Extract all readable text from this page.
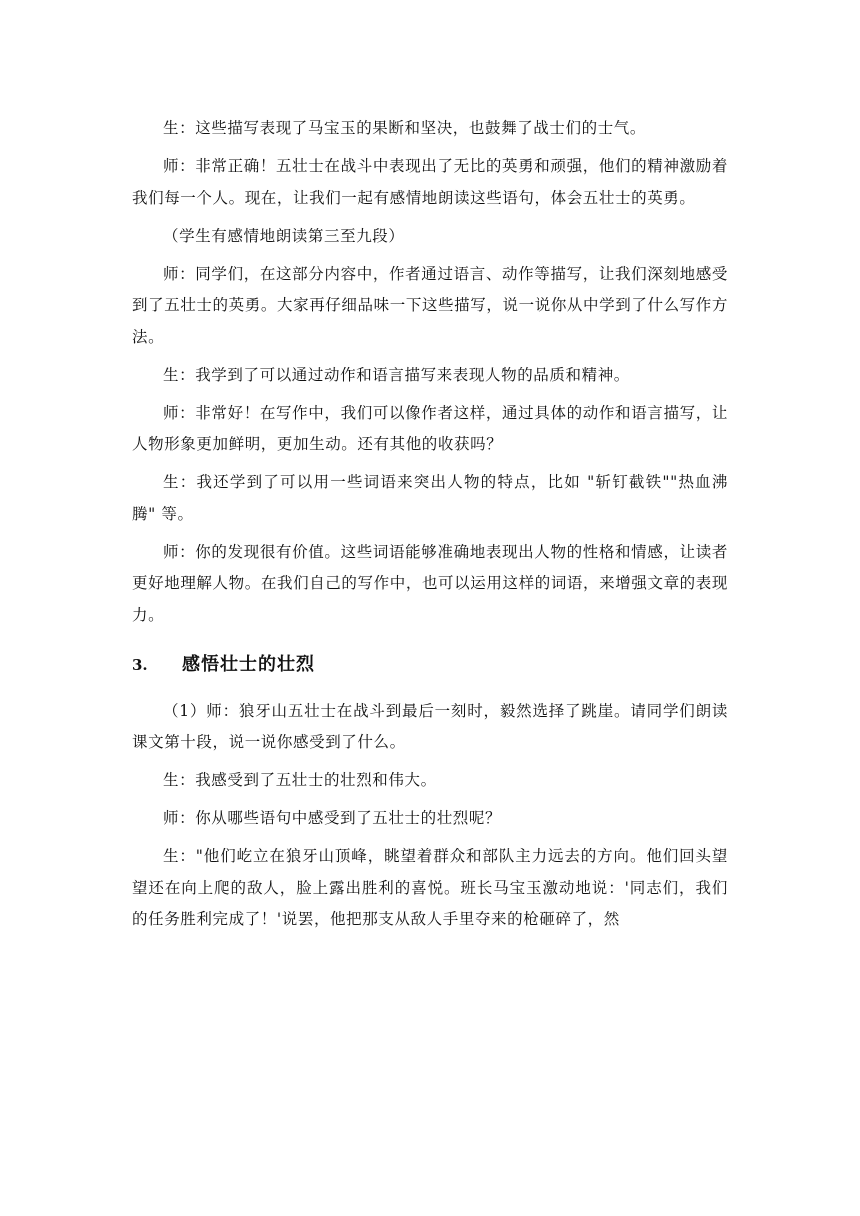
生：这些描写表现了马宝玉的果断和坚决，也鼓舞了战士们的士气。

师：非常正确！五壮士在战斗中表现出了无比的英勇和顽强，他们的精神激励着我们每一个人。现在，让我们一起有感情地朗读这些语句，体会五壮士的英勇。

（学生有感情地朗读第三至九段）

师：同学们，在这部分内容中，作者通过语言、动作等描写，让我们深刻地感受到了五壮士的英勇。大家再仔细品味一下这些描写，说一说你从中学到了什么写作方法。

生：我学到了可以通过动作和语言描写来表现人物的品质和精神。

师：非常好！在写作中，我们可以像作者这样，通过具体的动作和语言描写，让人物形象更加鲜明，更加生动。还有其他的收获吗？

生：我还学到了可以用一些词语来突出人物的特点，比如 "斩钉截铁""热血沸腾" 等。

师：你的发现很有价值。这些词语能够准确地表现出人物的性格和情感，让读者更好地理解人物。在我们自己的写作中，也可以运用这样的词语，来增强文章的表现力。

3.	感悟壮士的壮烈

（1）师：狼牙山五壮士在战斗到最后一刻时，毅然选择了跳崖。请同学们朗读课文第十段，说一说你感受到了什么。

生：我感受到了五壮士的壮烈和伟大。

师：你从哪些语句中感受到了五壮士的壮烈呢？

生："他们屹立在狼牙山顶峰，眺望着群众和部队主力远去的方向。他们回头望望还在向上爬的敌人，脸上露出胜利的喜悦。班长马宝玉激动地说：'同志们，我们的任务胜利完成了！'说罢，他把那支从敌人手里夺来的枪砸碎了，然
